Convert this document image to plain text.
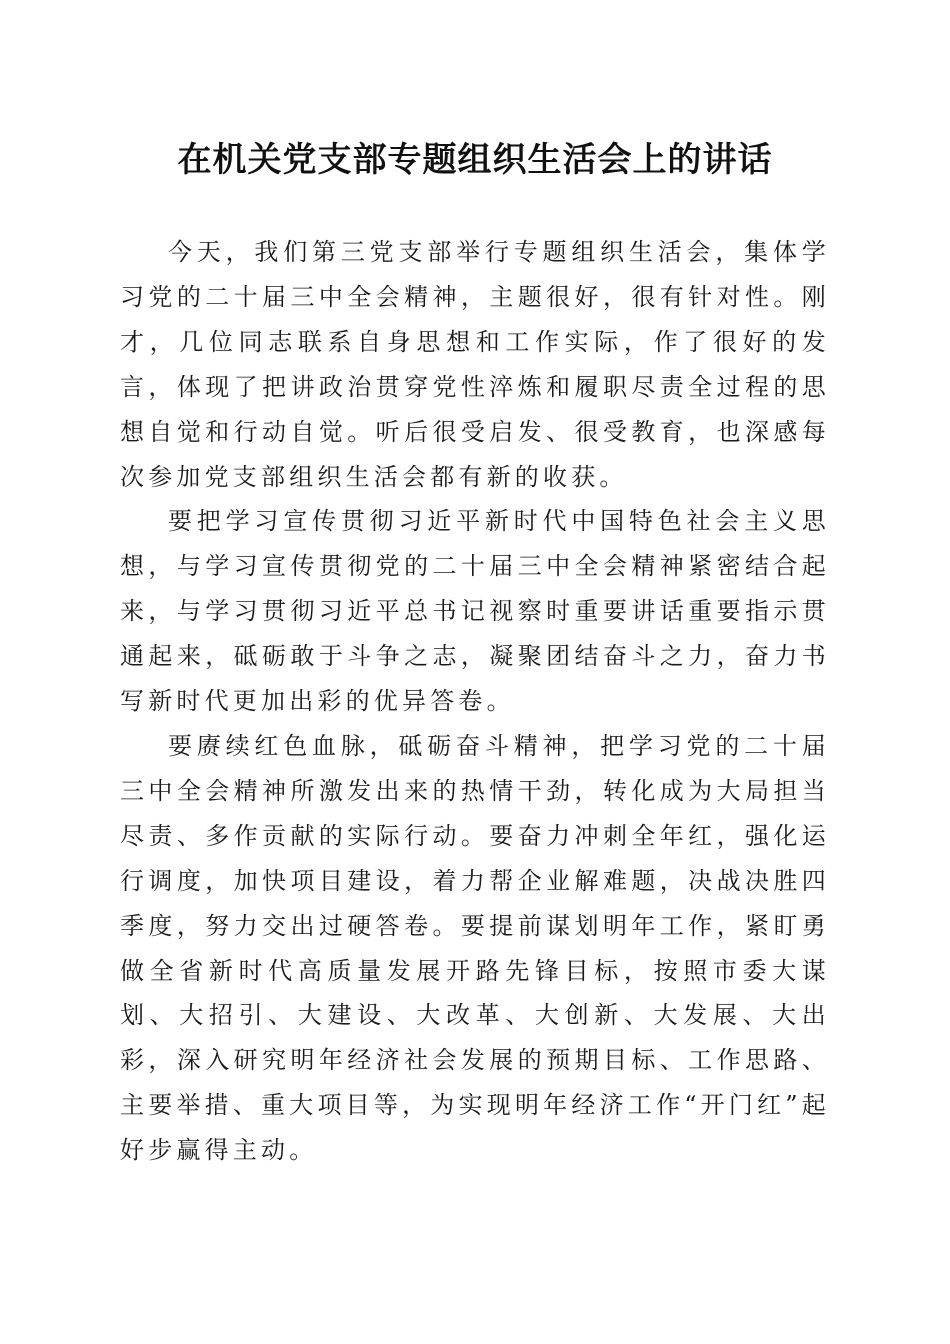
在机关党支部专题组织生活会上的讲话

今天，我们第三党支部举行专题组织生活会，集体学习党的二十届三中全会精神，主题很好，很有针对性。刚才，几位同志联系自身思想和工作实际，作了很好的发言，体现了把讲政治贯穿党性淬炼和履职尽责全过程的思想自觉和行动自觉。听后很受启发、很受教育，也深感每次参加党支部组织生活会都有新的收获。

要把学习宣传贯彻习近平新时代中国特色社会主义思想，与学习宣传贯彻党的二十届三中全会精神紧密结合起来，与学习贯彻习近平总书记视察时重要讲话重要指示贯通起来，砥砺敢于斗争之志，凝聚团结奋斗之力，奋力书写新时代更加出彩的优异答卷。

要赓续红色血脉，砥砺奋斗精神，把学习党的二十届三中全会精神所激发出来的热情干劲，转化成为大局担当尽责、多作贡献的实际行动。要奋力冲刺全年红，强化运行调度，加快项目建设，着力帮企业解难题，决战决胜四季度，努力交出过硬答卷。要提前谋划明年工作，紧盯勇做全省新时代高质量发展开路先锋目标，按照市委大谋划、大招引、大建设、大改革、大创新、大发展、大出彩，深入研究明年经济社会发展的预期目标、工作思路、主要举措、重大项目等，为实现明年经济工作“开门红”起好步赢得主动。
